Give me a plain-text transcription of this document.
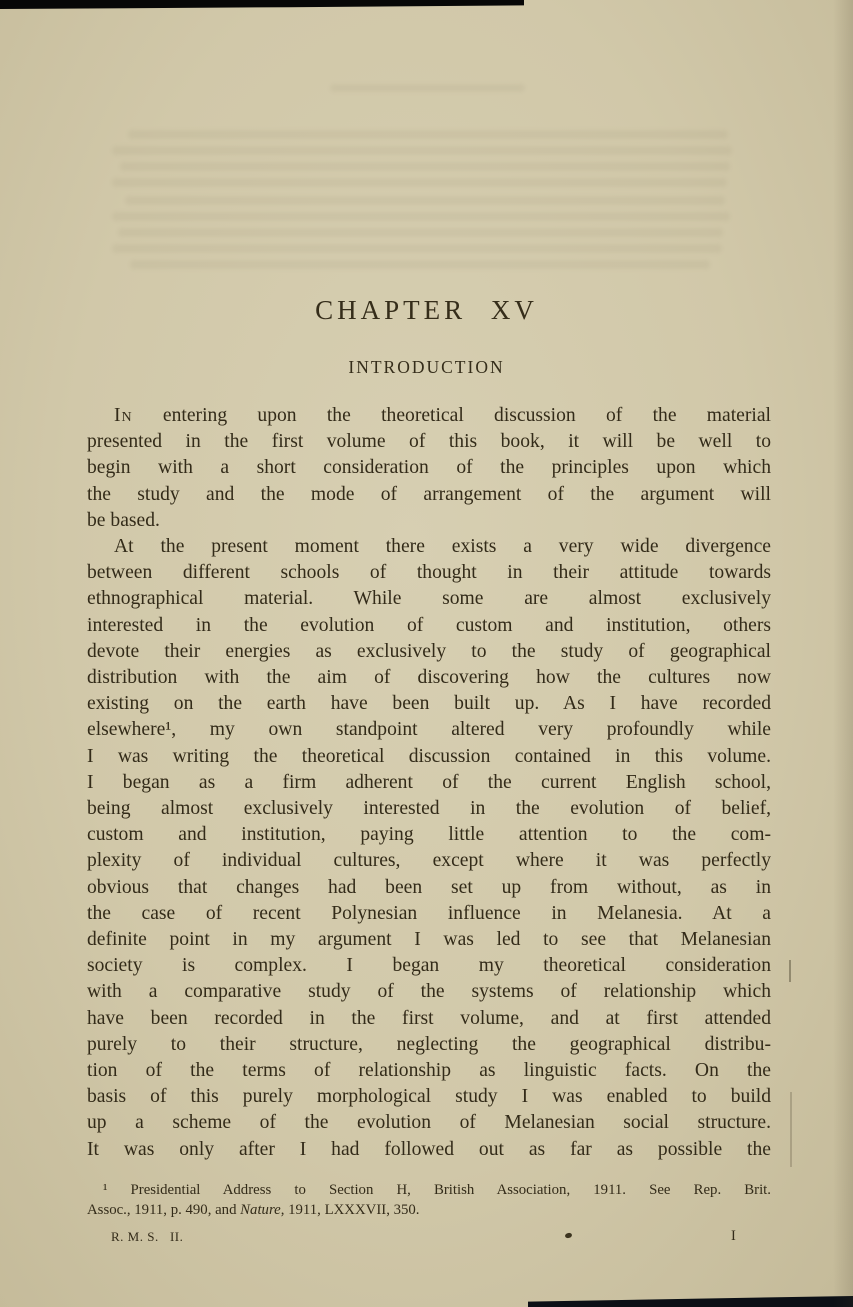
CHAPTER XV
INTRODUCTION
In entering upon the theoretical discussion of the material
presented in the first volume of this book, it will be well to
begin with a short consideration of the principles upon which
the study and the mode of arrangement of the argument will
be based.
At the present moment there exists a very wide divergence
between different schools of thought in their attitude towards
ethnographical material. While some are almost exclusively
interested in the evolution of custom and institution, others
devote their energies as exclusively to the study of geographical
distribution with the aim of discovering how the cultures now
existing on the earth have been built up. As I have recorded
elsewhere¹, my own standpoint altered very profoundly while
I was writing the theoretical discussion contained in this volume.
I began as a firm adherent of the current English school,
being almost exclusively interested in the evolution of belief,
custom and institution, paying little attention to the com-
plexity of individual cultures, except where it was perfectly
obvious that changes had been set up from without, as in
the case of recent Polynesian influence in Melanesia. At a
definite point in my argument I was led to see that Melanesian
society is complex. I began my theoretical consideration
with a comparative study of the systems of relationship which
have been recorded in the first volume, and at first attended
purely to their structure, neglecting the geographical distribu-
tion of the terms of relationship as linguistic facts. On the
basis of this purely morphological study I was enabled to build
up a scheme of the evolution of Melanesian social structure.
It was only after I had followed out as far as possible the
¹ Presidential Address to Section H, British Association, 1911. See Rep. Brit.
Assoc., 1911, p. 490, and Nature, 1911, LXXXVII, 350.
R. M. S.   II.	I
